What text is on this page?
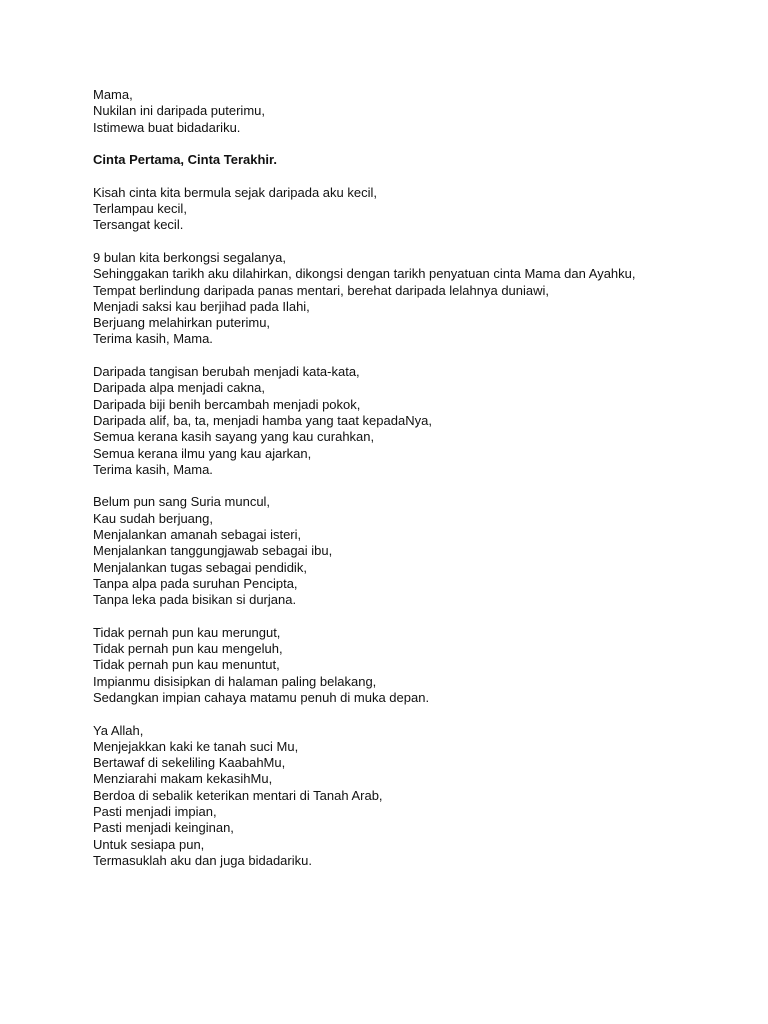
Mama,
Nukilan ini daripada puterimu,
Istimewa buat bidadariku.
Cinta Pertama, Cinta Terakhir.
Kisah cinta kita bermula sejak daripada aku kecil,
Terlampau kecil,
Tersangat kecil.
9 bulan kita berkongsi segalanya,
Sehinggakan tarikh aku dilahirkan, dikongsi dengan tarikh penyatuan cinta Mama dan Ayahku,
Tempat berlindung daripada panas mentari, berehat daripada lelahnya duniawi,
Menjadi saksi kau berjihad pada Ilahi,
Berjuang melahirkan puterimu,
Terima kasih, Mama.
Daripada tangisan berubah menjadi kata-kata,
Daripada alpa menjadi cakna,
Daripada biji benih bercambah menjadi pokok,
Daripada alif, ba, ta, menjadi hamba yang taat kepadaNya,
Semua kerana kasih sayang yang kau curahkan,
Semua kerana ilmu yang kau ajarkan,
Terima kasih, Mama.
Belum pun sang Suria muncul,
Kau sudah berjuang,
Menjalankan amanah sebagai isteri,
Menjalankan tanggungjawab sebagai ibu,
Menjalankan tugas sebagai pendidik,
Tanpa alpa pada suruhan Pencipta,
Tanpa leka pada bisikan si durjana.
Tidak pernah pun kau merungut,
Tidak pernah pun kau mengeluh,
Tidak pernah pun kau menuntut,
Impianmu disisipkan di halaman paling belakang,
Sedangkan impian cahaya matamu penuh di muka depan.
Ya Allah,
Menjejakkan kaki ke tanah suci Mu,
Bertawaf di sekeliling KaabahMu,
Menziarahi makam kekasihMu,
Berdoa di sebalik keterikan mentari di Tanah Arab,
Pasti menjadi impian,
Pasti menjadi keinginan,
Untuk sesiapa pun,
Termasuklah aku dan juga bidadariku.
